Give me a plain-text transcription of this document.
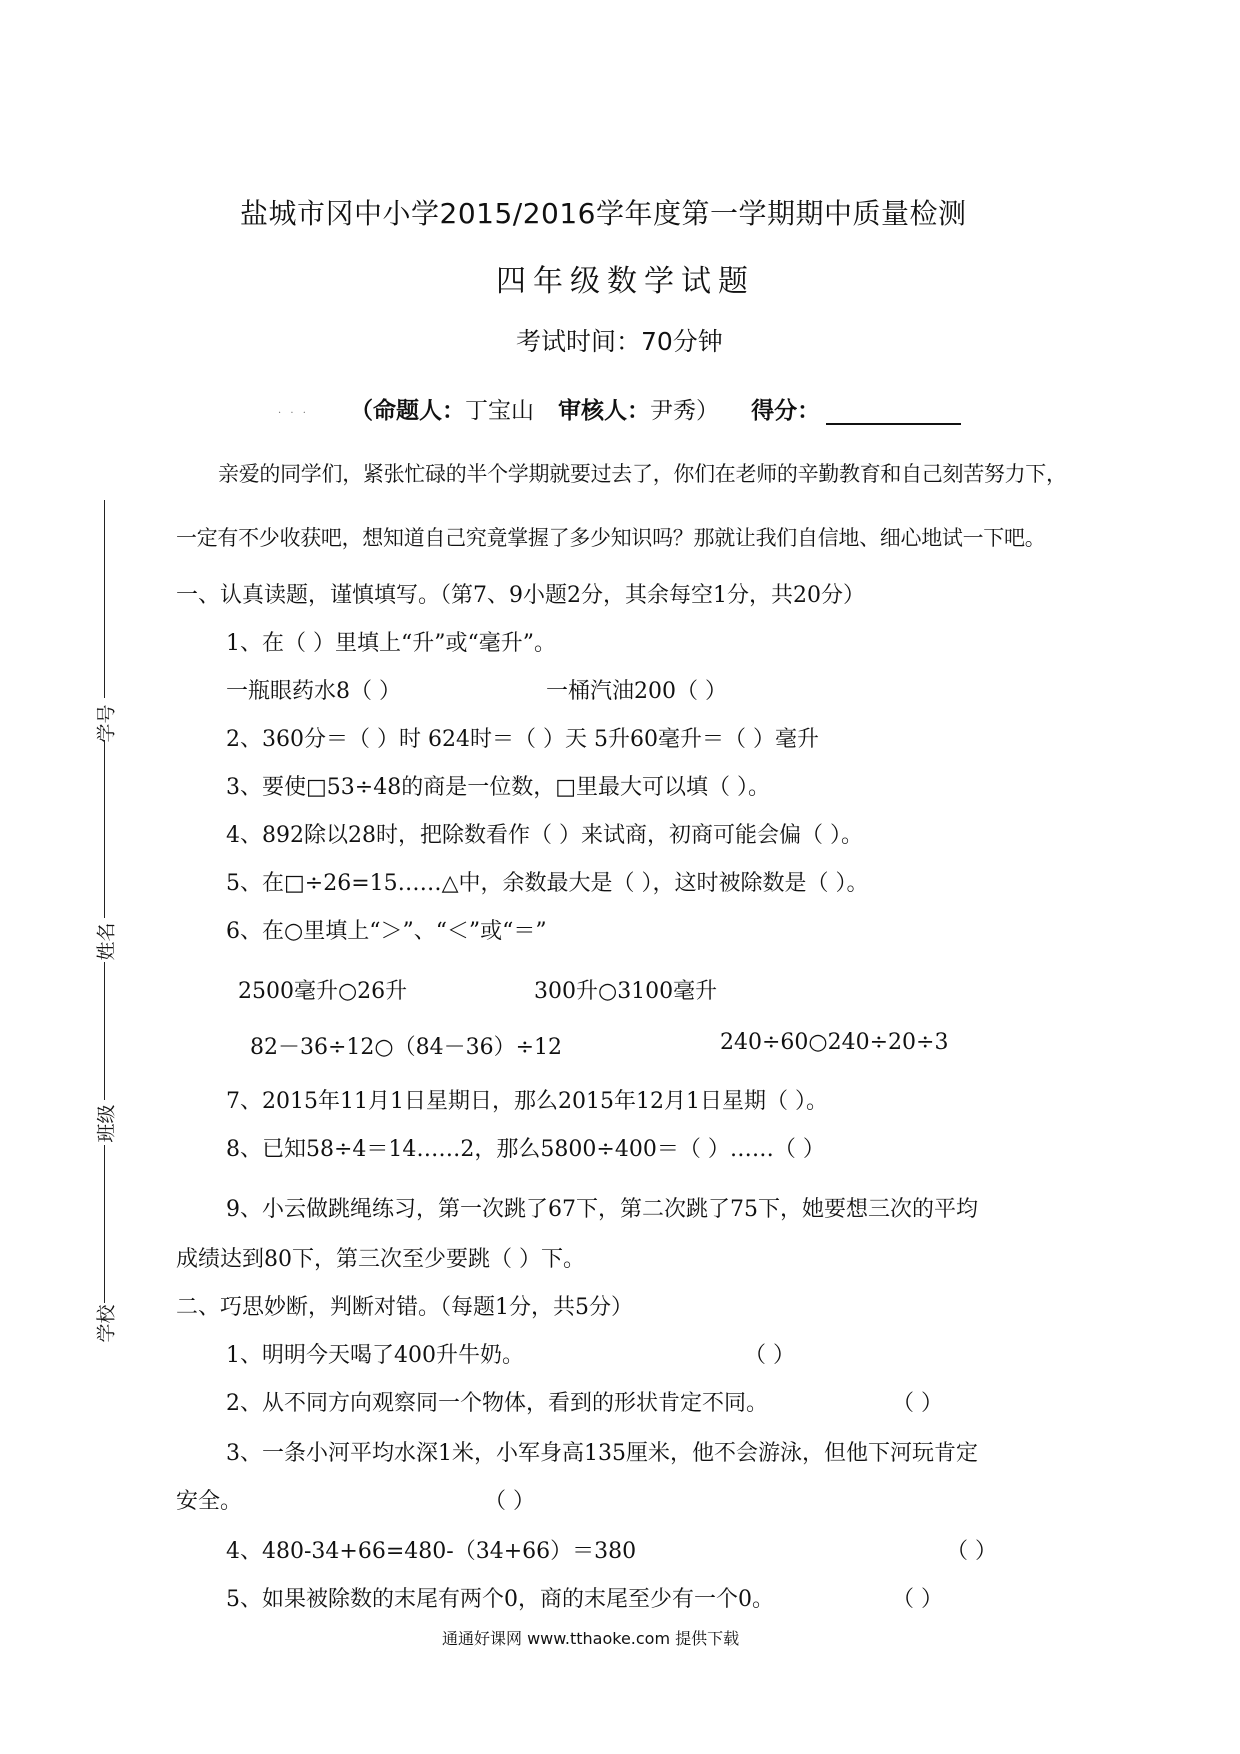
学号
姓名
班级
学校
盐城市冈中小学2015/2016学年度第一学期期中质量检测
四年级数学试题
考试时间：70分钟
· · · （命题人：丁宝山 审核人：尹秀） 得分：
亲爱的同学们，紧张忙碌的半个学期就要过去了，你们在老师的辛勤教育和自己刻苦努力下，
一定有不少收获吧，想知道自己究竟掌握了多少知识吗？那就让我们自信地、细心地试一下吧。
一、认真读题，谨慎填写。（第7、9小题2分，其余每空1分，共20分）
1、在（ ）里填上“升”或“毫升”。
一瓶眼药水8（ ）	一桶汽油200（ ）
2、360分＝（ ）时 624时＝（ ）天 5升60毫升＝（ ）毫升
3、要使□53÷48的商是一位数，□里最大可以填（ ）。
4、892除以28时，把除数看作（ ）来试商，初商可能会偏（ ）。
5、在□÷26=15……△中，余数最大是（ ），这时被除数是（ ）。
6、在○里填上“＞”、“＜”或“＝”
2500毫升○26升	300升○3100毫升
82－36÷12○（84－36）÷12	240÷60○240÷20÷3
7、2015年11月1日星期日，那么2015年12月1日星期（ ）。
8、已知58÷4＝14……2，那么5800÷400＝（ ）……（ ）
9、小云做跳绳练习，第一次跳了67下，第二次跳了75下，她要想三次的平均
成绩达到80下，第三次至少要跳（ ）下。
二、巧思妙断，判断对错。（每题1分，共5分）
1、明明今天喝了400升牛奶。	（ ）
2、从不同方向观察同一个物体，看到的形状肯定不同。	（ ）
3、一条小河平均水深1米，小军身高135厘米，他不会游泳，但他下河玩肯定
安全。	（ ）
4、480-34+66=480-（34+66）＝380	（ ）
5、如果被除数的末尾有两个0，商的末尾至少有一个0。	（ ）
通通好课网 www.tthaoke.com 提供下载
